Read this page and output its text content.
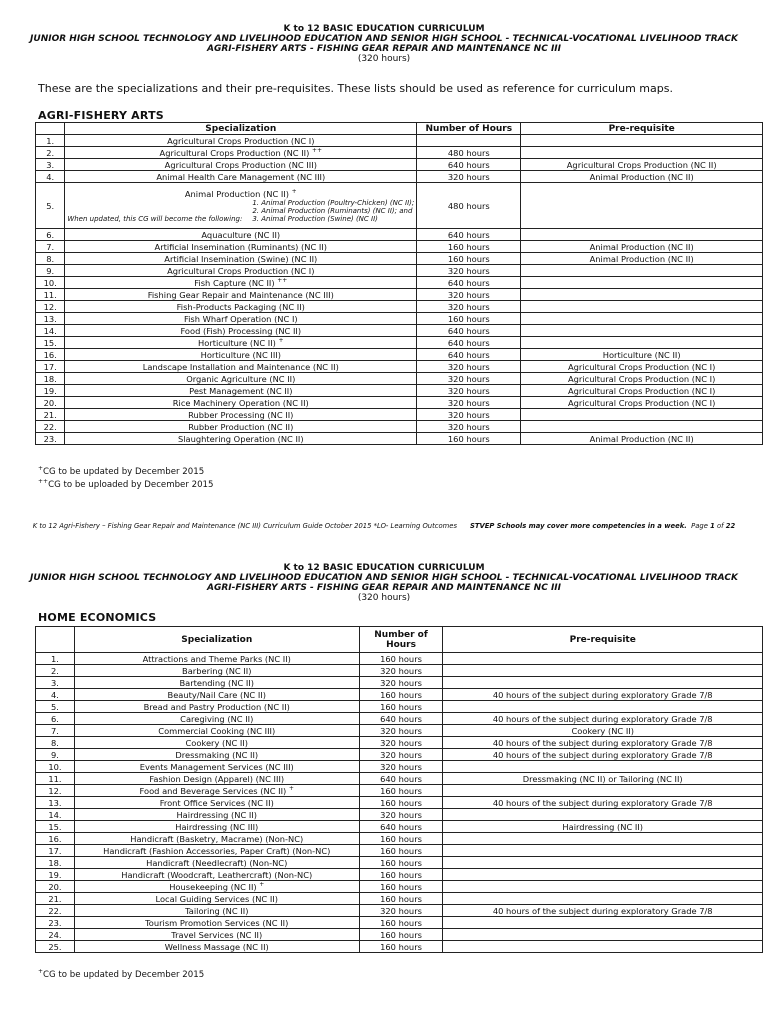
K to 12 BASIC EDUCATION CURRICULUM
JUNIOR HIGH SCHOOL TECHNOLOGY AND LIVELIHOOD EDUCATION AND SENIOR HIGH SCHOOL - TECHNICAL-VOCATIONAL LIVELIHOOD TRACK
AGRI-FISHERY ARTS - FISHING GEAR REPAIR AND MAINTENANCE NC III
(320 hours)
These are the specializations and their pre-requisites. These lists should be used as reference for curriculum maps.
AGRI-FISHERY ARTS
	Specialization	Number of Hours	Pre-requisite
1.	Agricultural Crops Production (NC I)		
2.	Agricultural Crops Production (NC II) ++	480 hours	
3.	Agricultural Crops Production (NC III)	640 hours	Agricultural Crops Production (NC II)
4.	Animal Health Care Management (NC III)	320 hours	Animal Production (NC II)
5.	Animal Production (NC II) +
When updated, this CG will become the following:
1. Animal Production (Poultry-Chicken) (NC II);
2. Animal Production (Ruminants) (NC II); and
3. Animal Production (Swine) (NC II)	480 hours	
6.	Aquaculture (NC II)	640 hours	
7.	Artificial Insemination (Ruminants) (NC II)	160 hours	Animal Production (NC II)
8.	Artificial Insemination (Swine) (NC II)	160 hours	Animal Production (NC II)
9.	Agricultural Crops Production (NC I)	320 hours	
10.	Fish Capture (NC II) ++	640 hours	
11.	Fishing Gear Repair and Maintenance (NC III)	320 hours	
12.	Fish-Products Packaging (NC II)	320 hours	
13.	Fish Wharf Operation (NC I)	160 hours	
14.	Food (Fish) Processing (NC II)	640 hours	
15.	Horticulture (NC II) +	640 hours	
16.	Horticulture (NC III)	640 hours	Horticulture (NC II)
17.	Landscape Installation and Maintenance (NC II)	320 hours	Agricultural Crops Production (NC I)
18.	Organic Agriculture (NC II)	320 hours	Agricultural Crops Production (NC I)
19.	Pest Management (NC II)	320 hours	Agricultural Crops Production (NC I)
20.	Rice Machinery Operation (NC II)	320 hours	Agricultural Crops Production (NC I)
21.	Rubber Processing (NC II)	320 hours	
22.	Rubber Production (NC II)	320 hours	
23.	Slaughtering Operation (NC II)	160 hours	Animal Production (NC II)
+CG to be updated by December 2015
++CG to be uploaded by December 2015
K to 12 Agri-Fishery – Fishing Gear Repair and Maintenance (NC III) Curriculum Guide October 2015 *LO- Learning Outcomes STVEP Schools may cover more competencies in a week. Page 1 of 22
K to 12 BASIC EDUCATION CURRICULUM
JUNIOR HIGH SCHOOL TECHNOLOGY AND LIVELIHOOD EDUCATION AND SENIOR HIGH SCHOOL - TECHNICAL-VOCATIONAL LIVELIHOOD TRACK
AGRI-FISHERY ARTS - FISHING GEAR REPAIR AND MAINTENANCE NC III
(320 hours)
HOME ECONOMICS
	Specialization	Number of Hours	Pre-requisite
1.	Attractions and Theme Parks (NC II)	160 hours	
2.	Barbering (NC II)	320 hours	
3.	Bartending (NC II)	320 hours	
4.	Beauty/Nail Care (NC II)	160 hours	40 hours of the subject during exploratory Grade 7/8
5.	Bread and Pastry Production (NC II)	160 hours	
6.	Caregiving (NC II)	640 hours	40 hours of the subject during exploratory Grade 7/8
7.	Commercial Cooking (NC III)	320 hours	Cookery (NC II)
8.	Cookery (NC II)	320 hours	40 hours of the subject during exploratory Grade 7/8
9.	Dressmaking (NC II)	320 hours	40 hours of the subject during exploratory Grade 7/8
10.	Events Management Services (NC III)	320 hours	
11.	Fashion Design (Apparel) (NC III)	640 hours	Dressmaking (NC II) or Tailoring (NC II)
12.	Food and Beverage Services (NC II) +	160 hours	
13.	Front Office Services (NC II)	160 hours	40 hours of the subject during exploratory Grade 7/8
14.	Hairdressing (NC II)	320 hours	
15.	Hairdressing (NC III)	640 hours	Hairdressing (NC II)
16.	Handicraft (Basketry, Macrame) (Non-NC)	160 hours	
17.	Handicraft (Fashion Accessories, Paper Craft) (Non-NC)	160 hours	
18.	Handicraft (Needlecraft) (Non-NC)	160 hours	
19.	Handicraft (Woodcraft, Leathercraft) (Non-NC)	160 hours	
20.	Housekeeping (NC II) +	160 hours	
21.	Local Guiding Services (NC II)	160 hours	
22.	Tailoring (NC II)	320 hours	40 hours of the subject during exploratory Grade 7/8
23.	Tourism Promotion Services (NC II)	160 hours	
24.	Travel Services (NC II)	160 hours	
25.	Wellness Massage (NC II)	160 hours	
+CG to be updated by December 2015
